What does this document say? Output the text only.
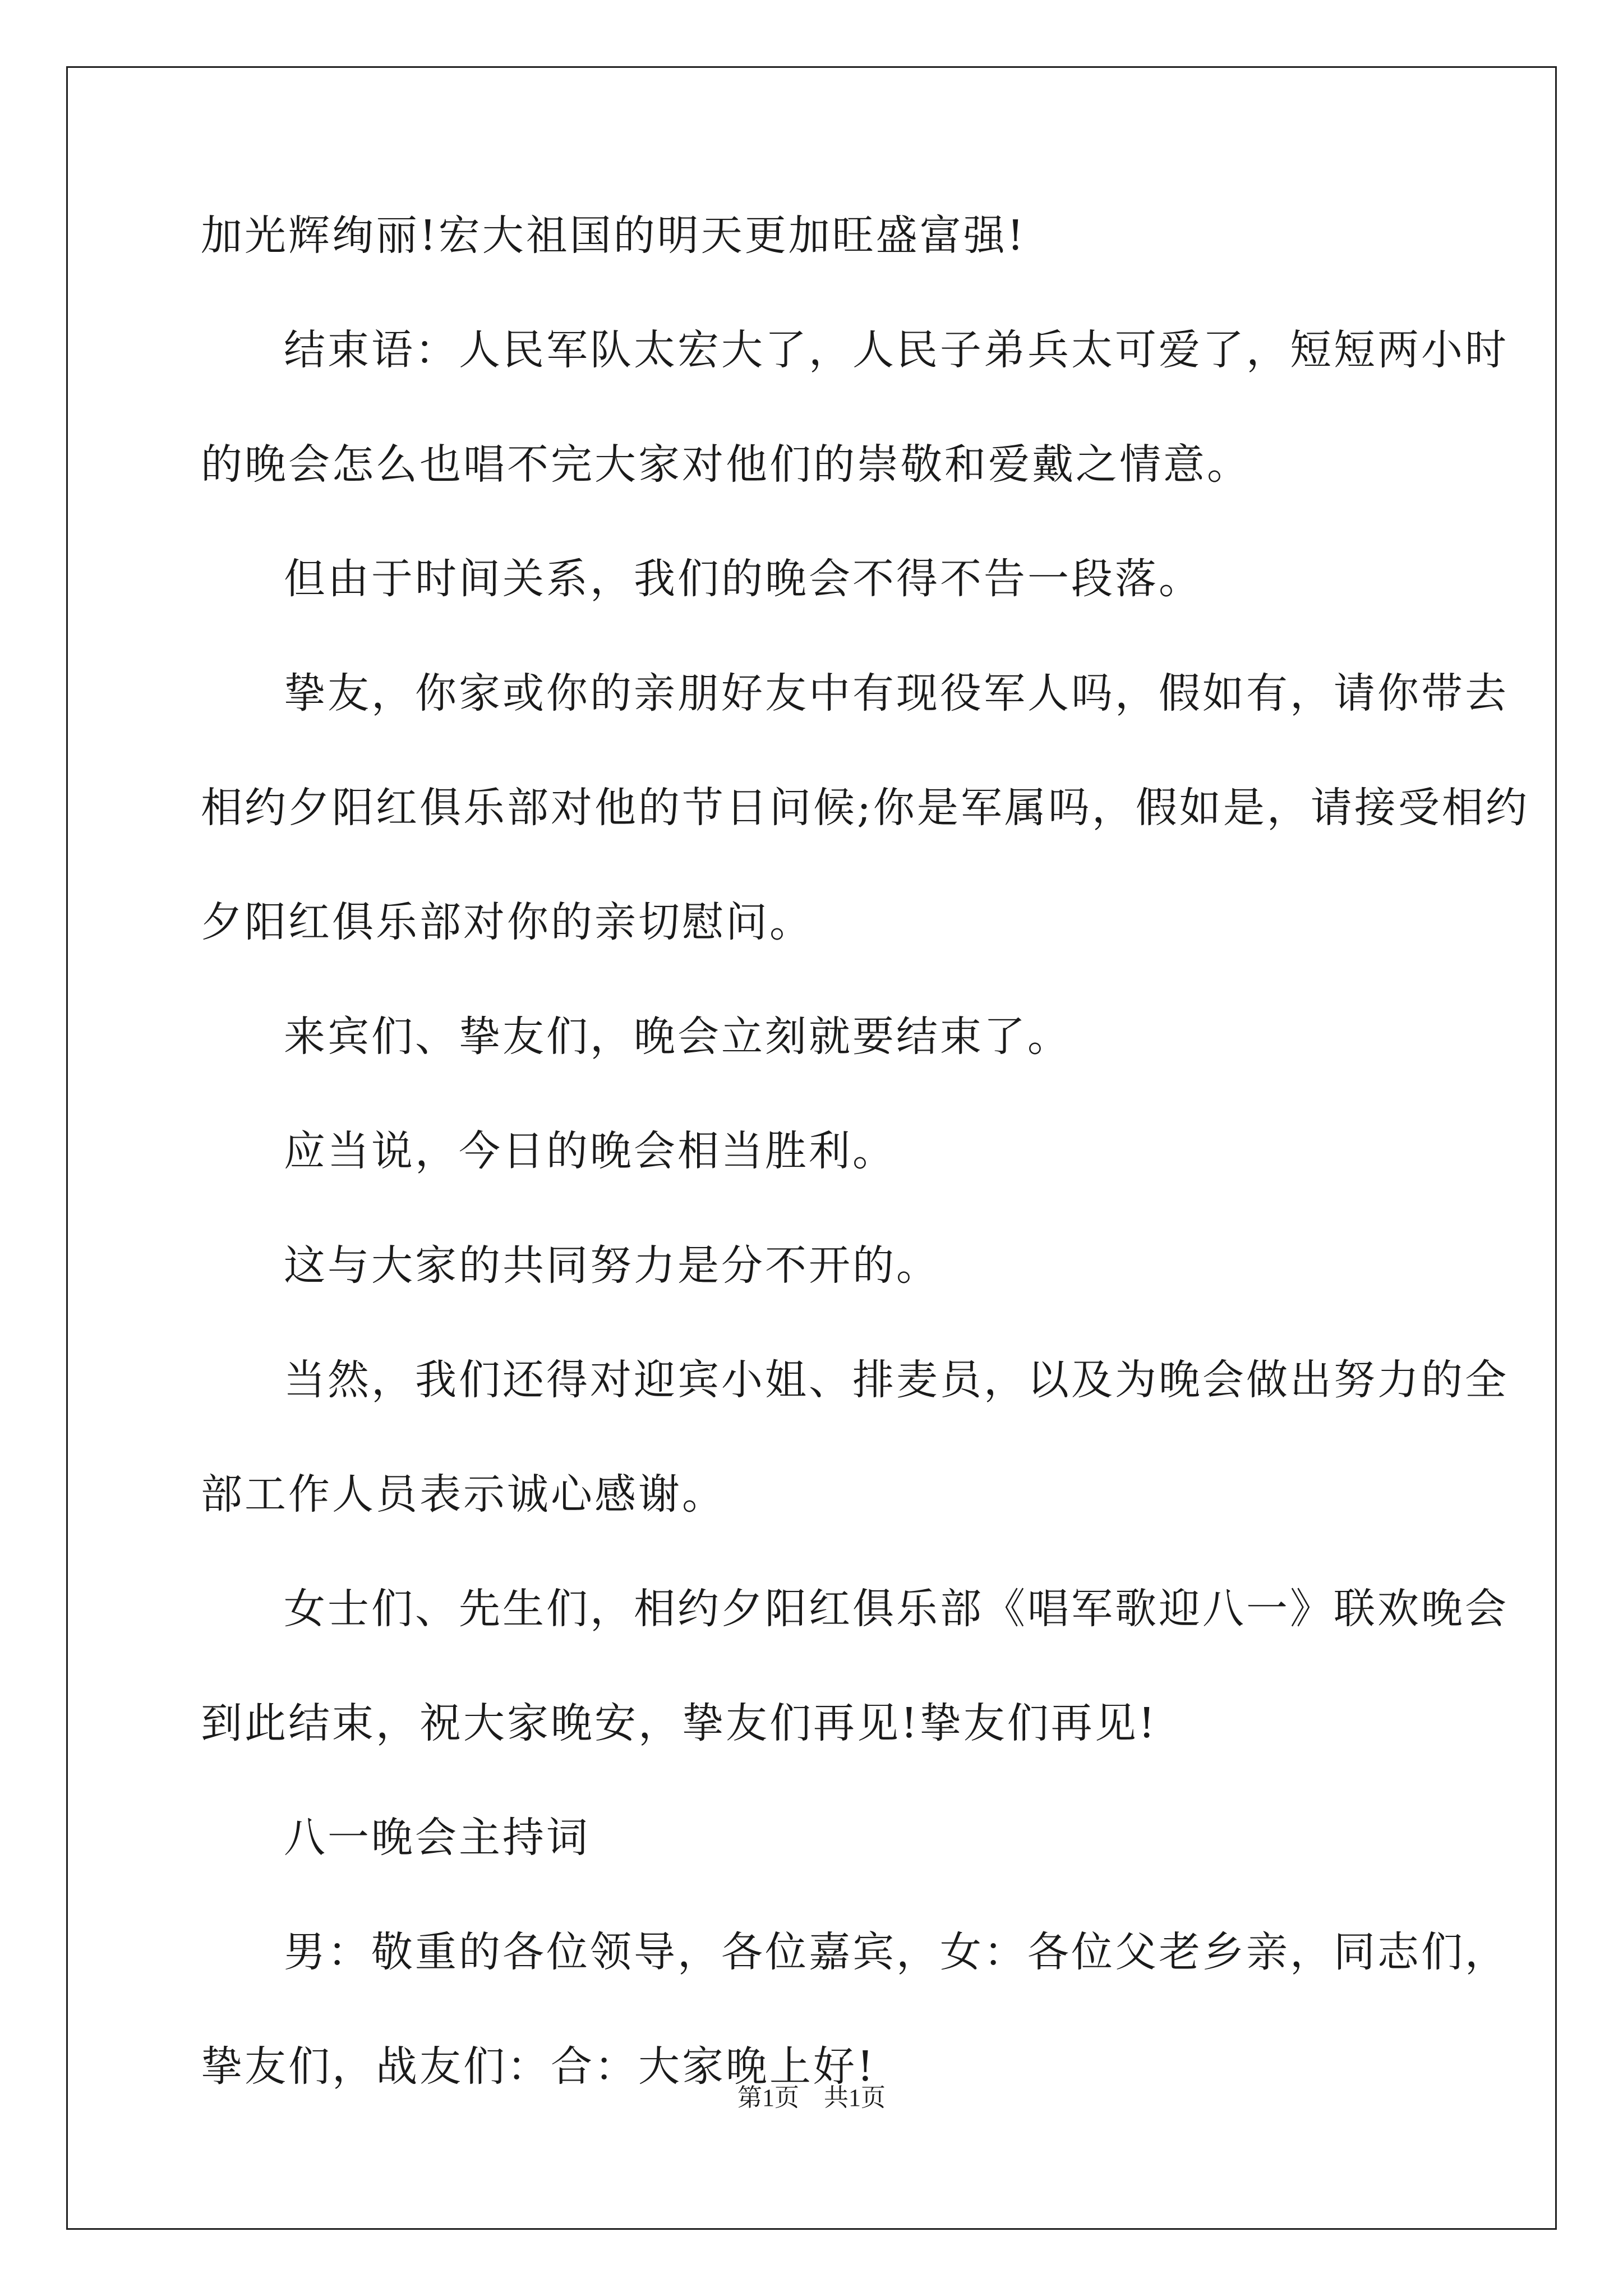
加光辉绚丽!宏大祖国的明天更加旺盛富强!
结束语：人民军队太宏大了，人民子弟兵太可爱了，短短两小时
的晚会怎么也唱不完大家对他们的崇敬和爱戴之情意。
但由于时间关系，我们的晚会不得不告一段落。
挚友，你家或你的亲朋好友中有现役军人吗，假如有，请你带去
相约夕阳红俱乐部对他的节日问候;你是军属吗，假如是，请接受相约
夕阳红俱乐部对你的亲切慰问。
来宾们、挚友们，晚会立刻就要结束了。
应当说，今日的晚会相当胜利。
这与大家的共同努力是分不开的。
当然，我们还得对迎宾小姐、排麦员，以及为晚会做出努力的全
部工作人员表示诚心感谢。
女士们、先生们，相约夕阳红俱乐部《唱军歌迎八一》联欢晚会
到此结束，祝大家晚安，挚友们再见!挚友们再见!
八一晚会主持词
男：敬重的各位领导，各位嘉宾，女：各位父老乡亲，同志们，
挚友们，战友们：合：大家晚上好!
第1页 共1页
